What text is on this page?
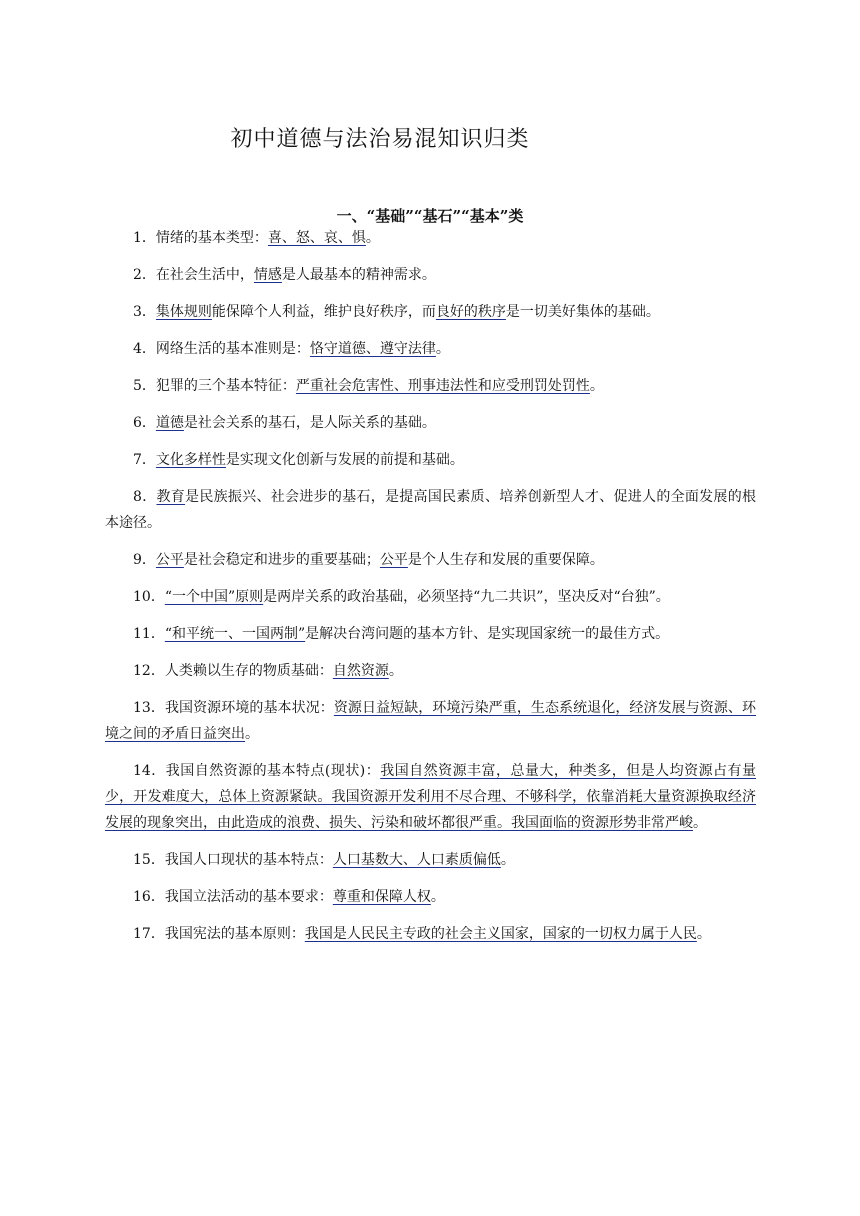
初中道德与法治易混知识归类
一、“基础”“基石”“基本”类

1．情绪的基本类型：喜、怒、哀、惧。

2．在社会生活中，情感是人最基本的精神需求。

3．集体规则能保障个人利益，维护良好秩序，而良好的秩序是一切美好集体的基础。

4．网络生活的基本准则是：恪守道德、遵守法律。

5．犯罪的三个基本特征：严重社会危害性、刑事违法性和应受刑罚处罚性。

6．道德是社会关系的基石，是人际关系的基础。

7．文化多样性是实现文化创新与发展的前提和基础。

8．教育是民族振兴、社会进步的基石，是提高国民素质、培养创新型人才、促进人的全面发展的根本途径。

9．公平是社会稳定和进步的重要基础；公平是个人生存和发展的重要保障。

10．“一个中国”原则是两岸关系的政治基础，必须坚持“九二共识”，坚决反对“台独”。

11．“和平统一、一国两制”是解决台湾问题的基本方针、是实现国家统一的最佳方式。

12．人类赖以生存的物质基础：自然资源。

13．我国资源环境的基本状况：资源日益短缺，环境污染严重，生态系统退化，经济发展与资源、环境之间的矛盾日益突出。

14．我国自然资源的基本特点(现状)：我国自然资源丰富，总量大，种类多，但是人均资源占有量少，开发难度大，总体上资源紧缺。我国资源开发利用不尽合理、不够科学，依靠消耗大量资源换取经济发展的现象突出，由此造成的浪费、损失、污染和破坏都很严重。我国面临的资源形势非常严峻。

15．我国人口现状的基本特点：人口基数大、人口素质偏低。

16．我国立法活动的基本要求：尊重和保障人权。

17．我国宪法的基本原则：我国是人民民主专政的社会主义国家，国家的一切权力属于人民。
